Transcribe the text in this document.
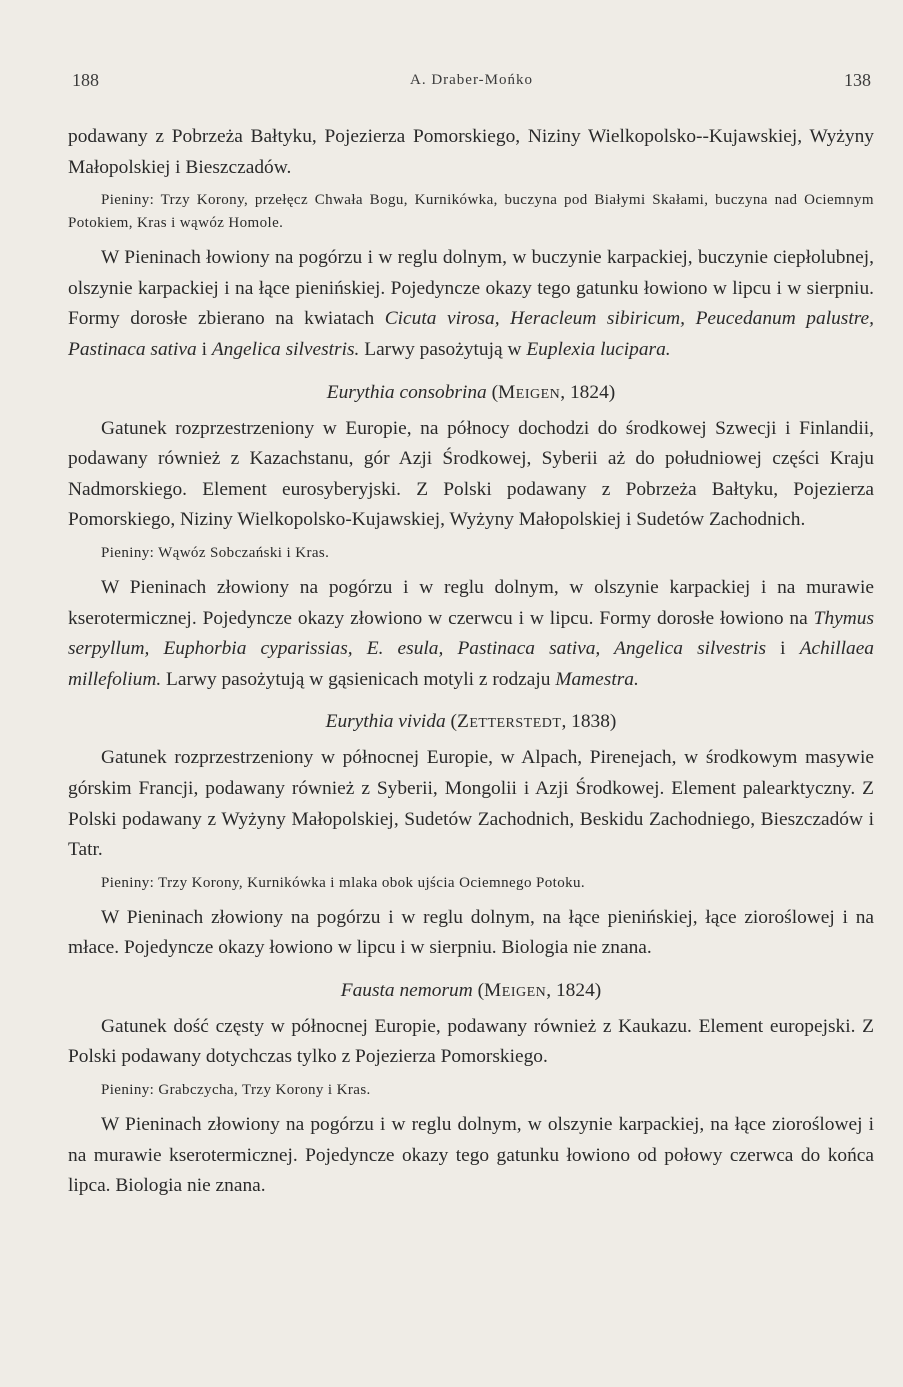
188	A. Draber-Mońko	138

podawany z Pobrzeża Bałtyku, Pojezierza Pomorskiego, Niziny Wielkopolsko--Kujawskiej, Wyżyny Małopolskiej i Bieszczadów.

Pieniny: Trzy Korony, przełęcz Chwała Bogu, Kurnikówka, buczyna pod Białymi Skałami, buczyna nad Ociemnym Potokiem, Kras i wąwóz Homole.

W Pieninach łowiony na pogórzu i w reglu dolnym, w buczynie karpackiej, buczynie ciepłolubnej, olszynie karpackiej i na łące pienińskiej. Pojedyncze okazy tego gatunku łowiono w lipcu i w sierpniu. Formy dorosłe zbierano na kwiatach Cicuta virosa, Heracleum sibiricum, Peucedanum palustre, Pastinaca sativa i Angelica silvestris. Larwy pasożytują w Euplexia lucipara.

Eurythia consobrina (Meigen, 1824)

Gatunek rozprzestrzeniony w Europie, na północy dochodzi do środkowej Szwecji i Finlandii, podawany również z Kazachstanu, gór Azji Środkowej, Syberii aż do południowej części Kraju Nadmorskiego. Element eurosyberyjski. Z Polski podawany z Pobrzeża Bałtyku, Pojezierza Pomorskiego, Niziny Wielkopolsko-Kujawskiej, Wyżyny Małopolskiej i Sudetów Zachodnich.

Pieniny: Wąwóz Sobczański i Kras.

W Pieninach złowiony na pogórzu i w reglu dolnym, w olszynie karpackiej i na murawie kserotermicznej. Pojedyncze okazy złowiono w czerwcu i w lipcu. Formy dorosłe łowiono na Thymus serpyllum, Euphorbia cyparissias, E. esula, Pastinaca sativa, Angelica silvestris i Achillaea millefolium. Larwy pasożytują w gąsienicach motyli z rodzaju Mamestra.

Eurythia vivida (Zetterstedt, 1838)

Gatunek rozprzestrzeniony w północnej Europie, w Alpach, Pirenejach, w środkowym masywie górskim Francji, podawany również z Syberii, Mongolii i Azji Środkowej. Element palearktyczny. Z Polski podawany z Wyżyny Małopolskiej, Sudetów Zachodnich, Beskidu Zachodniego, Bieszczadów i Tatr.

Pieniny: Trzy Korony, Kurnikówka i mlaka obok ujścia Ociemnego Potoku.

W Pieninach złowiony na pogórzu i w reglu dolnym, na łące pienińskiej, łące zioroślowej i na młace. Pojedyncze okazy łowiono w lipcu i w sierpniu. Biologia nie znana.

Fausta nemorum (Meigen, 1824)

Gatunek dość częsty w północnej Europie, podawany również z Kaukazu. Element europejski. Z Polski podawany dotychczas tylko z Pojezierza Pomorskiego.

Pieniny: Grabczycha, Trzy Korony i Kras.

W Pieninach złowiony na pogórzu i w reglu dolnym, w olszynie karpackiej, na łące zioroślowej i na murawie kserotermicznej. Pojedyncze okazy tego gatunku łowiono od połowy czerwca do końca lipca. Biologia nie znana.
